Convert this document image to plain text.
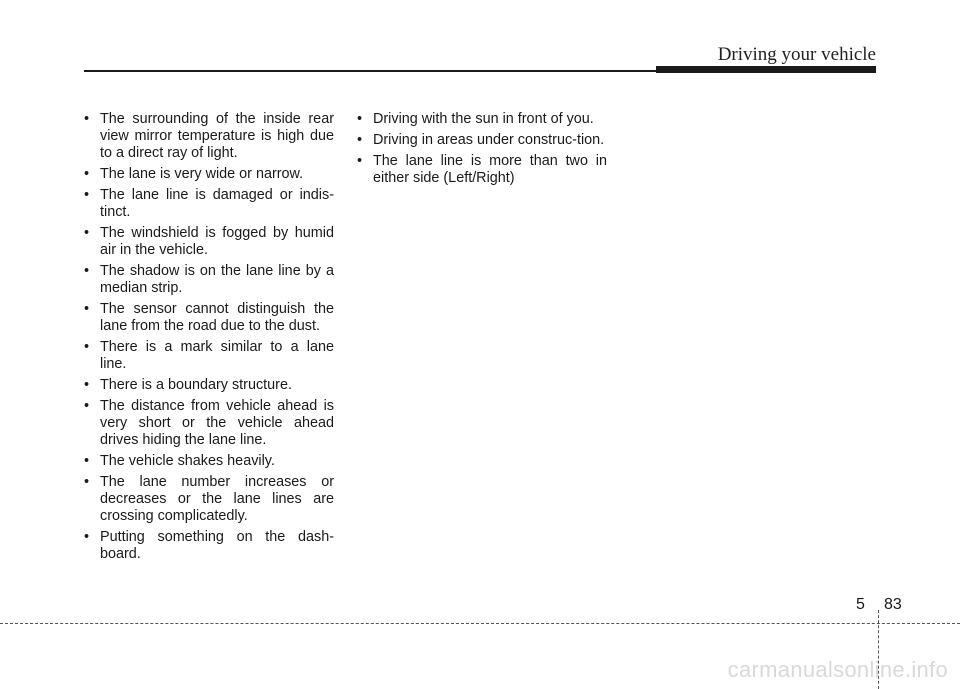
Driving your vehicle
• The surrounding of the inside rear view mirror temperature is high due to a direct ray of light.
• The lane is very wide or narrow.
• The lane line is damaged or indis-tinct.
• The windshield is fogged by humid air in the vehicle.
• The shadow is on the lane line by a median strip.
• The sensor cannot distinguish the lane from the road due to the dust.
• There is a mark similar to a lane line.
• There is a boundary structure.
• The distance from vehicle ahead is very short or the vehicle ahead drives hiding the lane line.
• The vehicle shakes heavily.
• The lane number increases or decreases or the lane lines are crossing complicatedly.
• Putting something on the dash-board.
• Driving with the sun in front of you.
• Driving in areas under construc-tion.
• The lane line is more than two in either side (Left/Right)
5 83
carmanualsonline.info
